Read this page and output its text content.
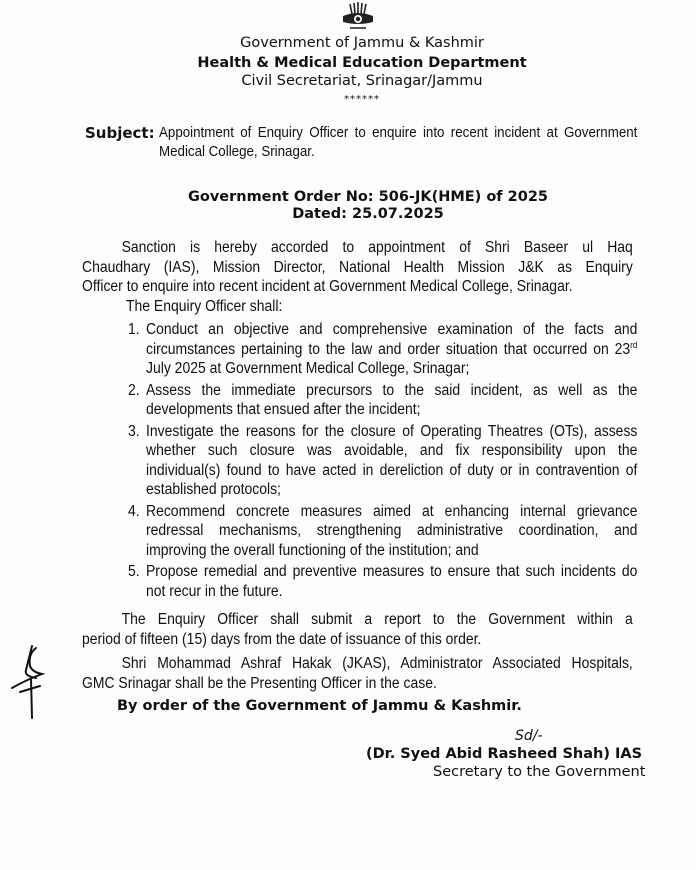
Government of Jammu & Kashmir
Health & Medical Education Department
Civil Secretariat, Srinagar/Jammu
******
Subject: Appointment of Enquiry Officer to enquire into recent incident at Government Medical College, Srinagar.
Government Order No: 506-JK(HME) of 2025
Dated: 25.07.2025
Sanction is hereby accorded to appointment of Shri Baseer ul Haq
Chaudhary (IAS), Mission Director, National Health Mission J&K as Enquiry
Officer to enquire into recent incident at Government Medical College, Srinagar.
The Enquiry Officer shall:
1. Conduct an objective and comprehensive examination of the facts and circumstances pertaining to the law and order situation that occurred on 23rd July 2025 at Government Medical College, Srinagar;
2. Assess the immediate precursors to the said incident, as well as the developments that ensued after the incident;
3. Investigate the reasons for the closure of Operating Theatres (OTs), assess whether such closure was avoidable, and fix responsibility upon the individual(s) found to have acted in dereliction of duty or in contravention of established protocols;
4. Recommend concrete measures aimed at enhancing internal grievance redressal mechanisms, strengthening administrative coordination, and improving the overall functioning of the institution; and
5. Propose remedial and preventive measures to ensure that such incidents do not recur in the future.
The Enquiry Officer shall submit a report to the Government within a
period of fifteen (15) days from the date of issuance of this order.
Shri Mohammad Ashraf Hakak (JKAS), Administrator Associated Hospitals,
GMC Srinagar shall be the Presenting Officer in the case.
By order of the Government of Jammu & Kashmir.
Sd/-
(Dr. Syed Abid Rasheed Shah) IAS
Secretary to the Government
